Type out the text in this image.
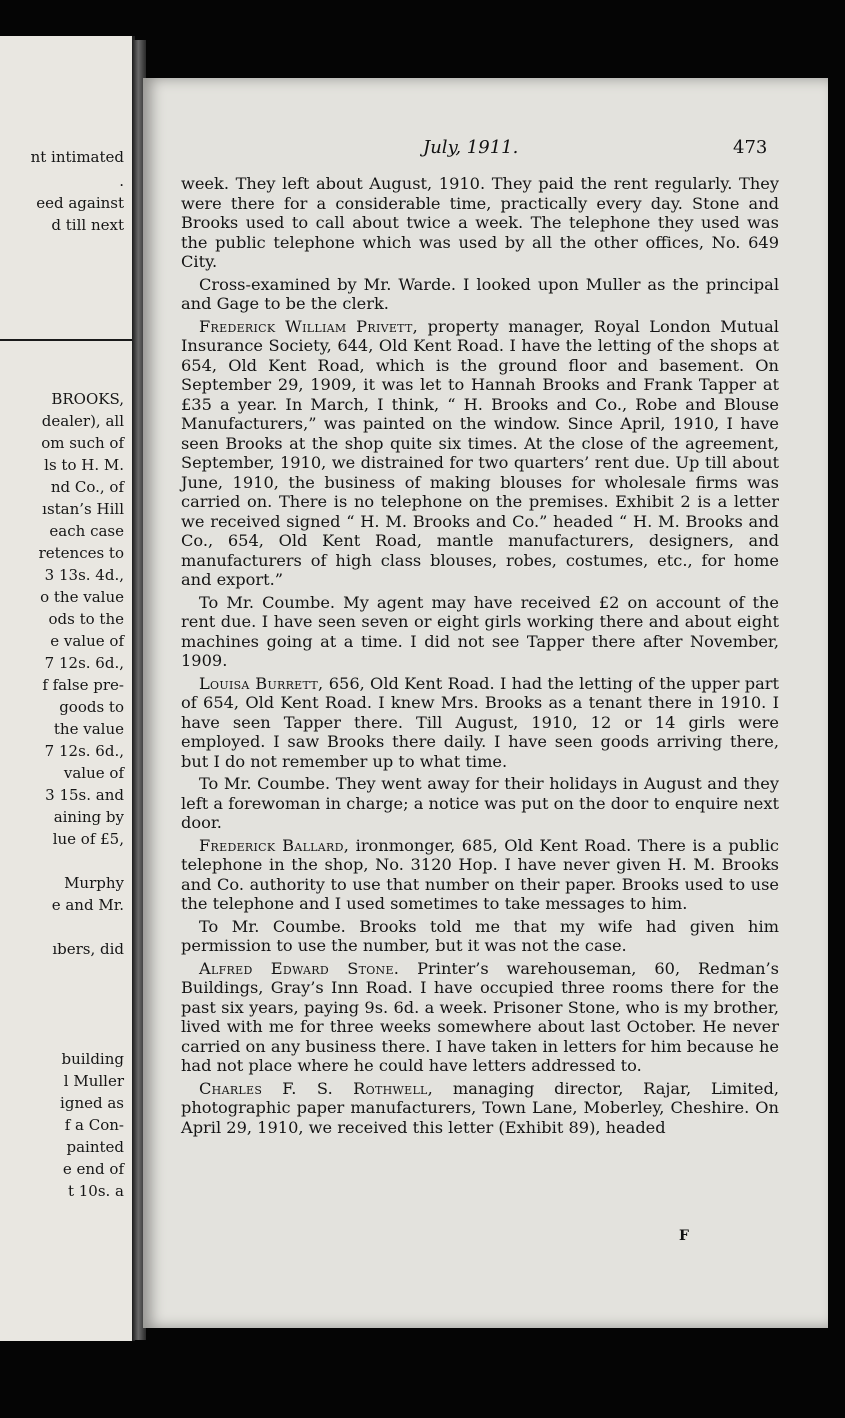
nt intimated
.
eed against
d till next
BROOKS,
dealer), all
om such of
ls to H. M.
nd Co., of
ıstan’s Hill
each case
retences to
3 13s. 4d.,
o the value
ods to the
e value of
7 12s. 6d.,
f false pre-
goods to
the value
7 12s. 6d.,
value of
3 15s. and
aining by
lue of £5,
Murphy
e and Mr.
ıbers, did
building
l Muller
igned as
f a Con-
painted
e end of
t 10s. a
July, 1911.	473

week. They left about August, 1910. They paid the rent regularly. They were there for a considerable time, practically every day. Stone and Brooks used to call about twice a week. The telephone they used was the public telephone which was used by all the other offices, No. 649 City.

Cross-examined by Mr. Warde. I looked upon Muller as the principal and Gage to be the clerk.

Frederick William Privett, property manager, Royal London Mutual Insurance Society, 644, Old Kent Road. I have the letting of the shops at 654, Old Kent Road, which is the ground floor and basement. On September 29, 1909, it was let to Hannah Brooks and Frank Tapper at £35 a year. In March, I think, “ H. Brooks and Co., Robe and Blouse Manufacturers,” was painted on the window. Since April, 1910, I have seen Brooks at the shop quite six times. At the close of the agreement, September, 1910, we distrained for two quarters’ rent due. Up till about June, 1910, the business of making blouses for wholesale firms was carried on. There is no telephone on the premises. Exhibit 2 is a letter we received signed “ H. M. Brooks and Co.” headed “ H. M. Brooks and Co., 654, Old Kent Road, mantle manufacturers, designers, and manufacturers of high class blouses, robes, costumes, etc., for home and export.”

To Mr. Coumbe. My agent may have received £2 on account of the rent due. I have seen seven or eight girls working there and about eight machines going at a time. I did not see Tapper there after November, 1909.

Louisa Burrett, 656, Old Kent Road. I had the letting of the upper part of 654, Old Kent Road. I knew Mrs. Brooks as a tenant there in 1910. I have seen Tapper there. Till August, 1910, 12 or 14 girls were employed. I saw Brooks there daily. I have seen goods arriving there, but I do not remember up to what time.

To Mr. Coumbe. They went away for their holidays in August and they left a forewoman in charge; a notice was put on the door to enquire next door.

Frederick Ballard, ironmonger, 685, Old Kent Road. There is a public telephone in the shop, No. 3120 Hop. I have never given H. M. Brooks and Co. authority to use that number on their paper. Brooks used to use the telephone and I used sometimes to take messages to him.

To Mr. Coumbe. Brooks told me that my wife had given him permission to use the number, but it was not the case.

Alfred Edward Stone. Printer’s warehouseman, 60, Redman’s Buildings, Gray’s Inn Road. I have occupied three rooms there for the past six years, paying 9s. 6d. a week. Prisoner Stone, who is my brother, lived with me for three weeks somewhere about last October. He never carried on any business there. I have taken in letters for him because he had not place where he could have letters addressed to.

Charles F. S. Rothwell, managing director, Rajar, Limited, photographic paper manufacturers, Town Lane, Moberley, Cheshire. On April 29, 1910, we received this letter (Exhibit 89), headed

F
